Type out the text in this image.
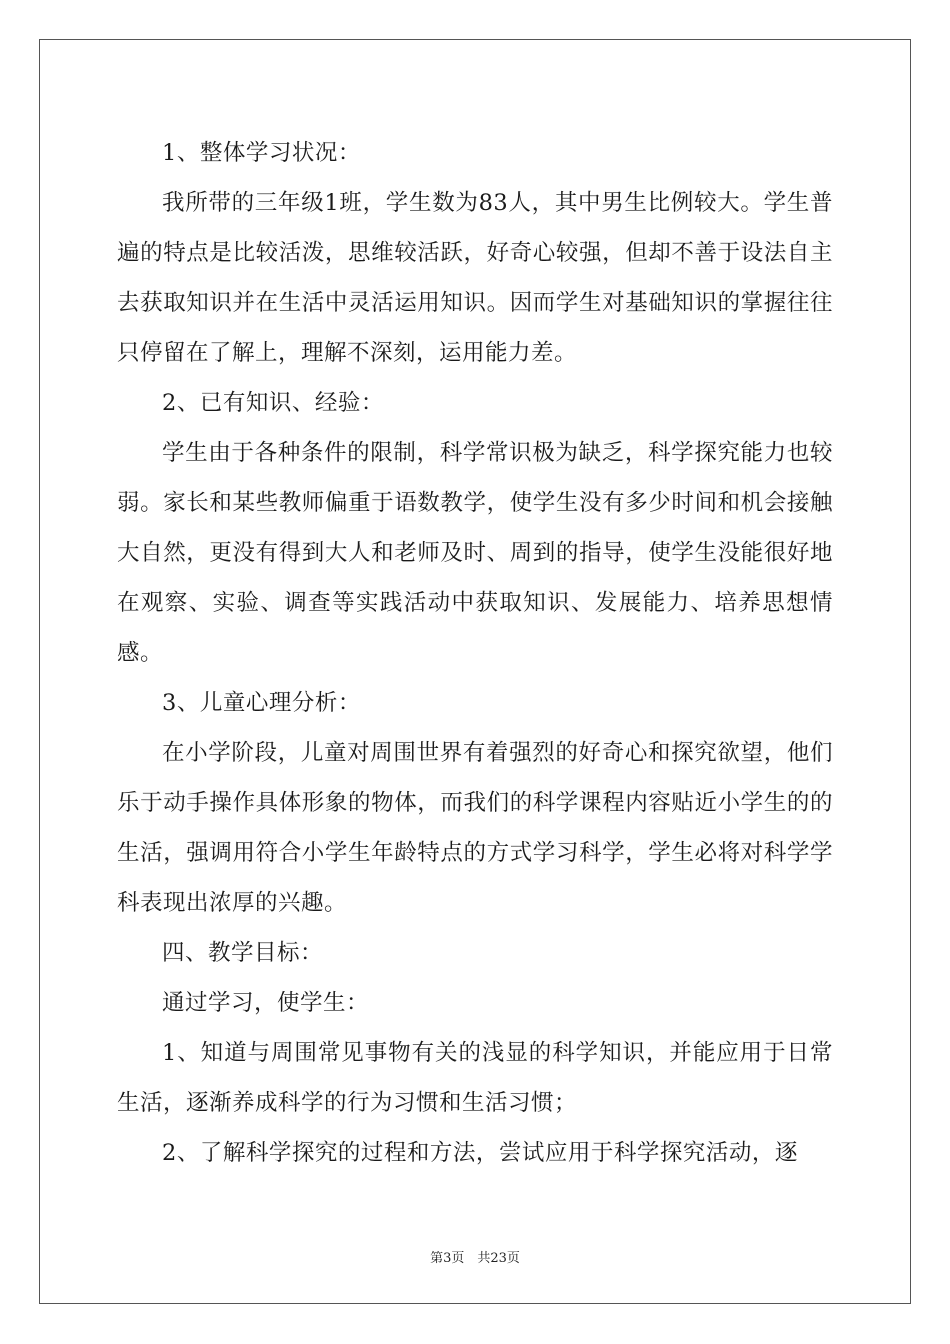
1、整体学习状况：

我所带的三年级1班，学生数为83人，其中男生比例较大。学生普遍的特点是比较活泼，思维较活跃，好奇心较强，但却不善于设法自主去获取知识并在生活中灵活运用知识。因而学生对基础知识的掌握往往只停留在了解上，理解不深刻，运用能力差。

2、已有知识、经验：

学生由于各种条件的限制，科学常识极为缺乏，科学探究能力也较弱。家长和某些教师偏重于语数教学，使学生没有多少时间和机会接触大自然，更没有得到大人和老师及时、周到的指导，使学生没能很好地在观察、实验、调查等实践活动中获取知识、发展能力、培养思想情感。

3、儿童心理分析：

在小学阶段，儿童对周围世界有着强烈的好奇心和探究欲望，他们乐于动手操作具体形象的物体，而我们的科学课程内容贴近小学生的的生活，强调用符合小学生年龄特点的方式学习科学，学生必将对科学学科表现出浓厚的兴趣。

四、教学目标：

通过学习，使学生：

1、知道与周围常见事物有关的浅显的科学知识，并能应用于日常生活，逐渐养成科学的行为习惯和生活习惯；

2、了解科学探究的过程和方法，尝试应用于科学探究活动，逐

第3页　共23页
